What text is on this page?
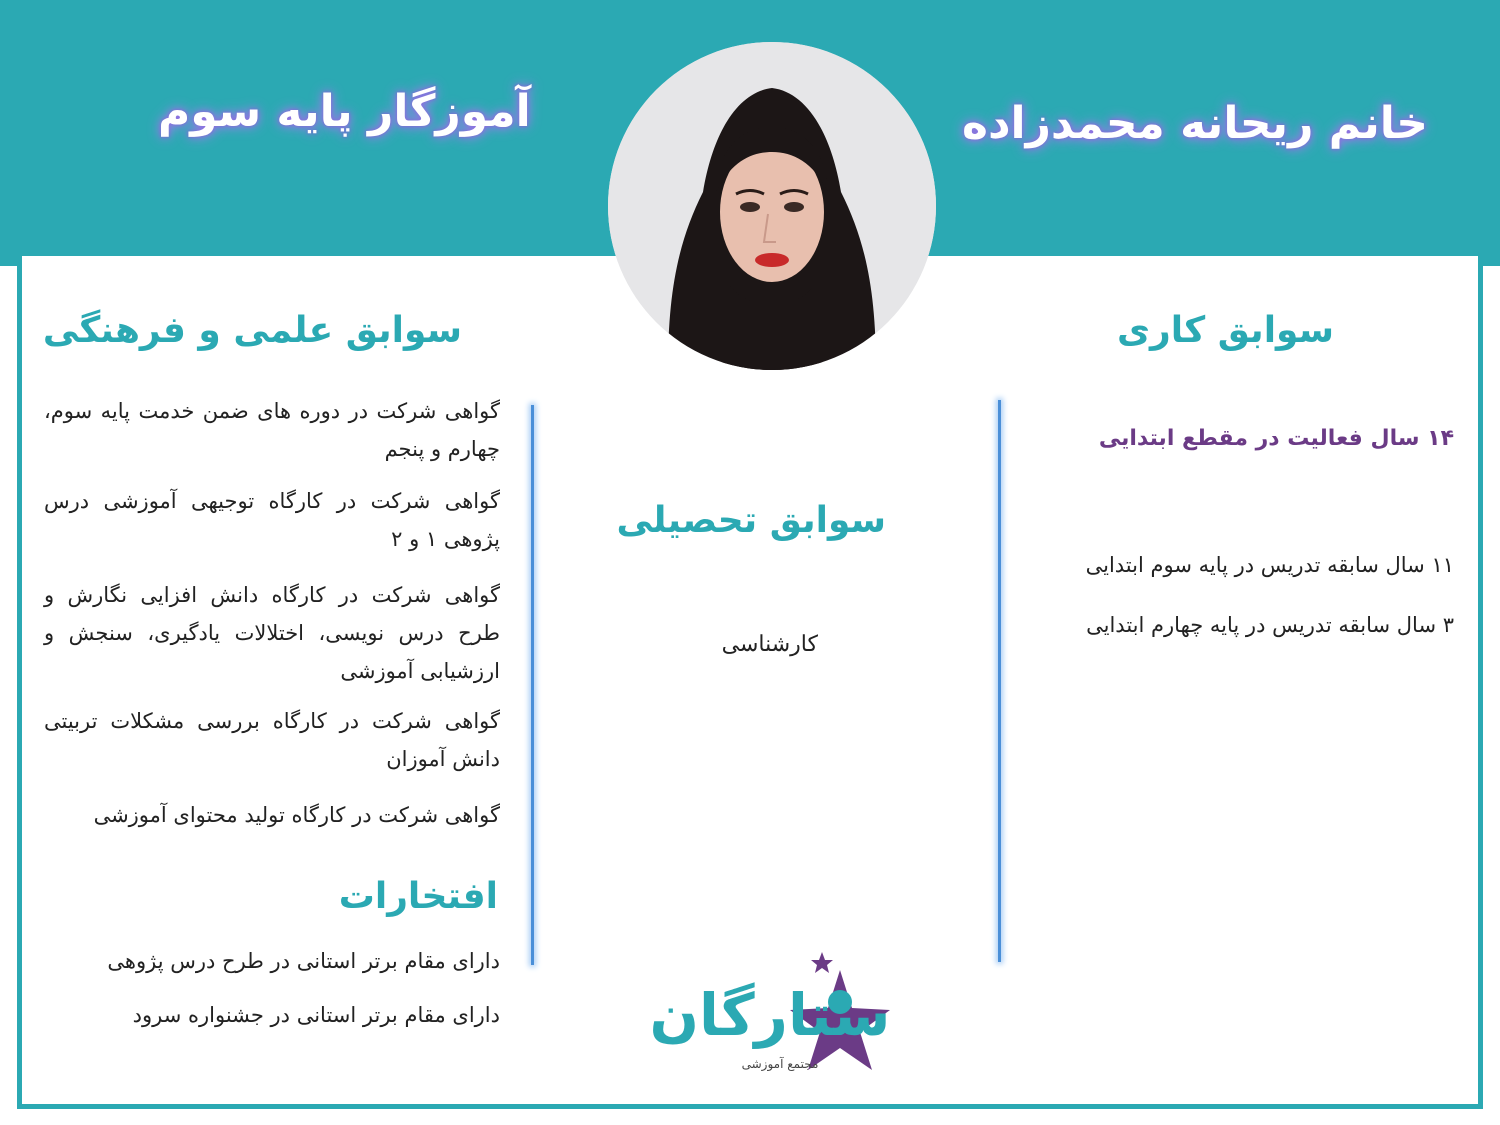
خانم ریحانه محمدزاده
آموزگار پایه سوم
سوابق علمی و فرهنگی
سوابق تحصیلی
سوابق کاری
گواهی شرکت در دوره های ضمن خدمت پایه سوم، چهارم و پنجم
گواهی شرکت در کارگاه توجیهی آموزشی درس پژوهی ۱ و ۲
گواهی شرکت در کارگاه دانش افزایی نگارش و طرح درس نویسی، اختلالات یادگیری، سنجش و ارزشیابی آموزشی
گواهی شرکت در کارگاه بررسی مشکلات تربیتی دانش آموزان
گواهی شرکت در کارگاه تولید محتوای آموزشی
افتخارات
دارای مقام برتر استانی در طرح درس پژوهی
دارای مقام برتر استانی در جشنواره سرود
کارشناسی
۱۴ سال فعالیت در مقطع ابتدایی
۱۱ سال سابقه تدریس در پایه سوم ابتدایی
۳ سال سابقه تدریس در پایه چهارم ابتدایی
ستارگان
مجتمع آموزشی
